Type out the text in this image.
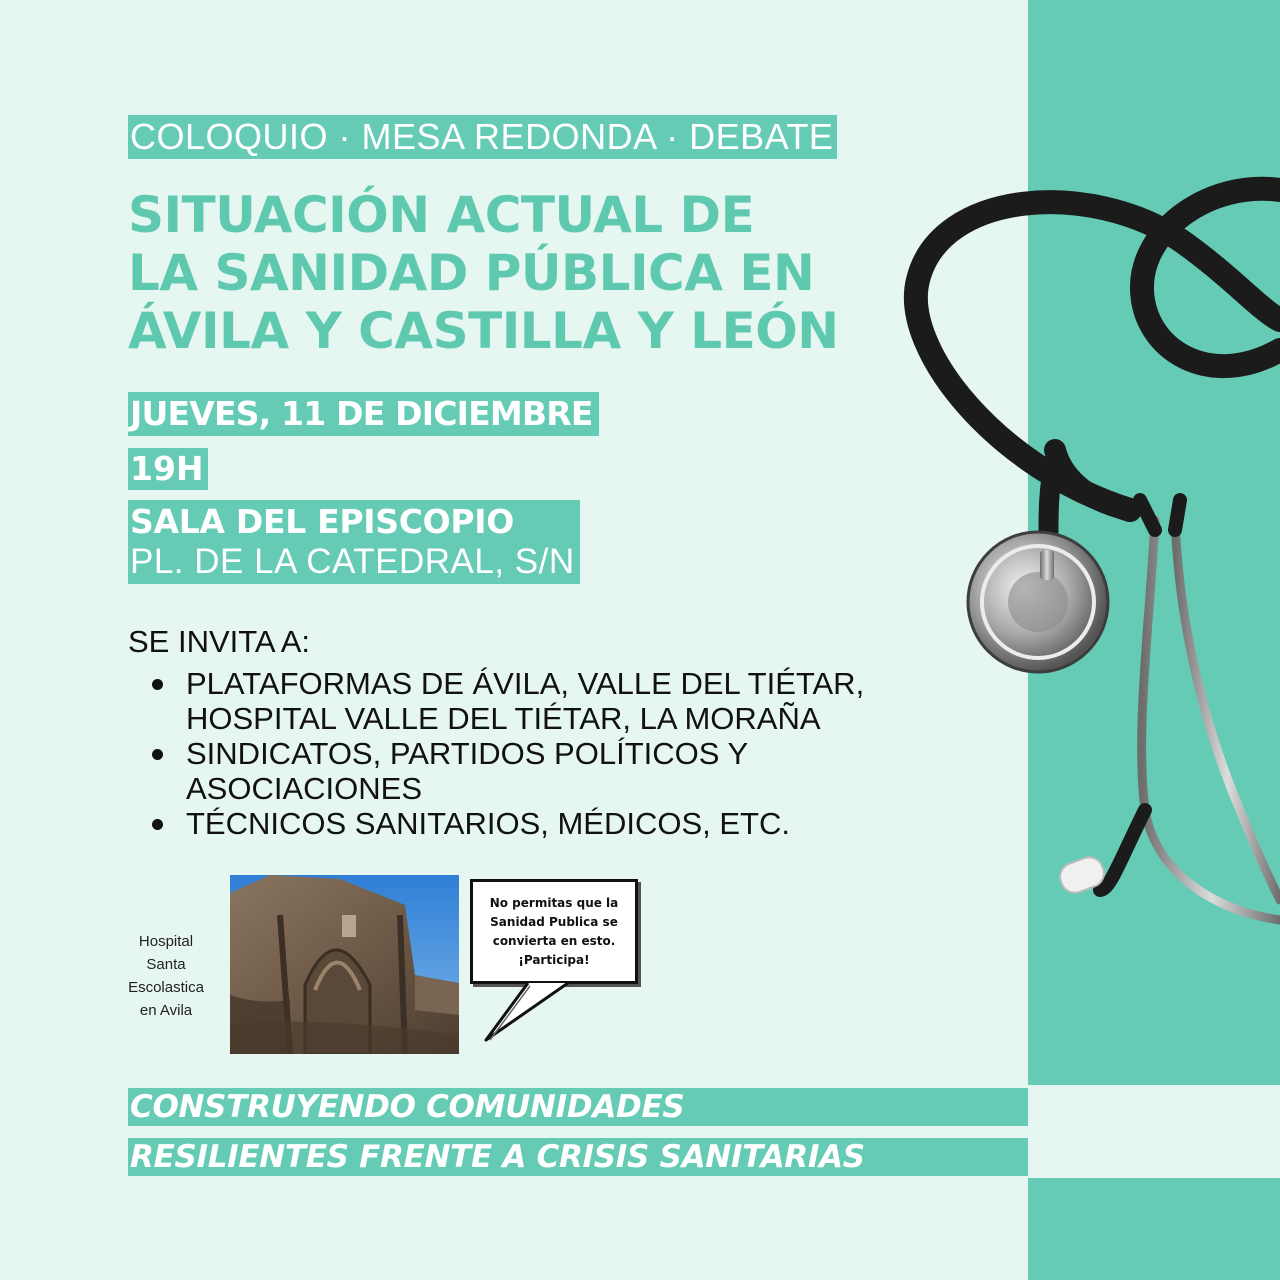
COLOQUIO · MESA REDONDA · DEBATE
SITUACIÓN ACTUAL DE
LA SANIDAD PÚBLICA EN
ÁVILA Y CASTILLA Y LEÓN
JUEVES, 11 DE DICIEMBRE
19H
SALA DEL EPISCOPIO
PL. DE LA CATEDRAL, S/N
SE INVITA A:
PLATAFORMAS DE ÁVILA, VALLE DEL TIÉTAR, HOSPITAL VALLE DEL TIÉTAR, LA MORAÑA
SINDICATOS, PARTIDOS POLÍTICOS Y ASOCIACIONES
TÉCNICOS SANITARIOS, MÉDICOS, ETC.
Hospital Santa Escolastica en Avila
No permitas que la Sanidad Publica se convierta en esto. ¡Participa!
CONSTRUYENDO COMUNIDADES
RESILIENTES FRENTE A CRISIS SANITARIAS
